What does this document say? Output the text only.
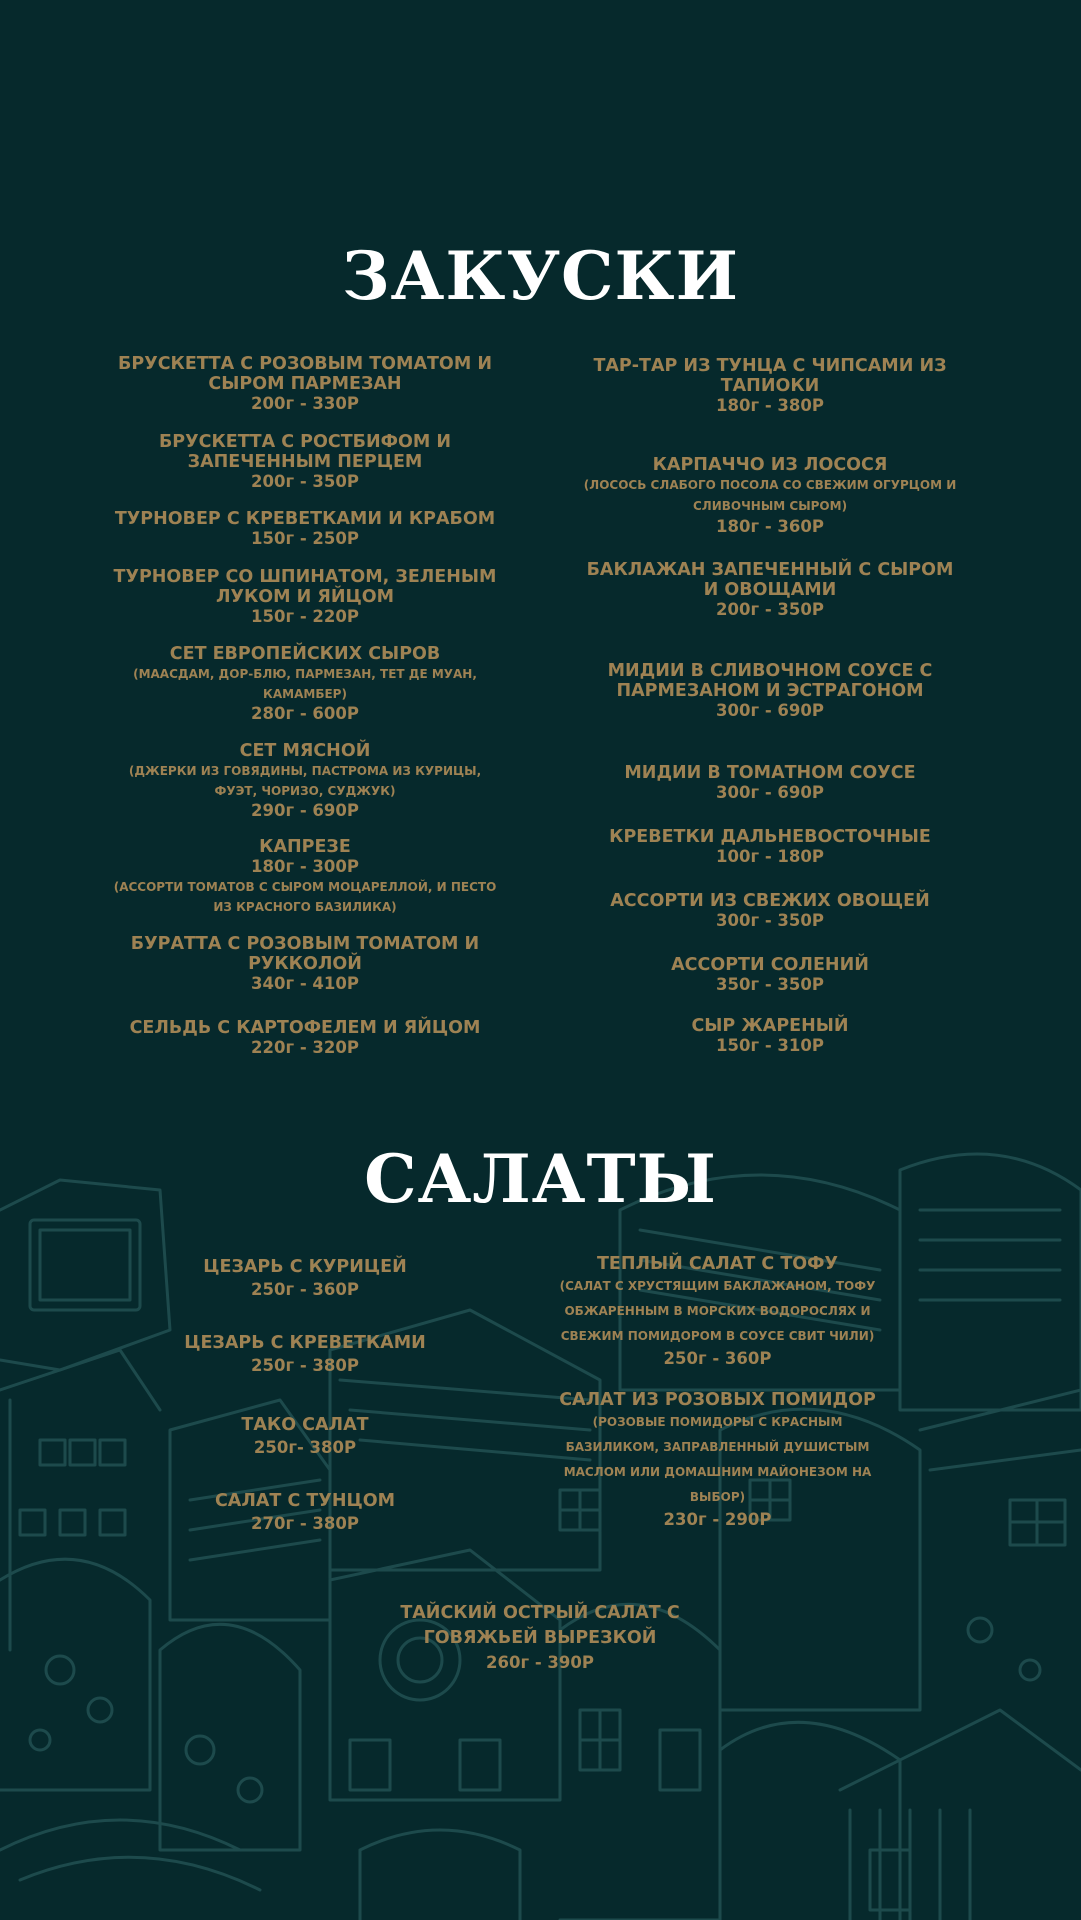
ЗАКУСКИ
БРУСКЕТТА С РОЗОВЫМ ТОМАТОМ И СЫРОМ ПАРМЕЗАН
200г - 330Р
БРУСКЕТТА С РОСТБИФОМ И ЗАПЕЧЕННЫМ ПЕРЦЕМ
200г - 350Р
ТУРНОВЕР С КРЕВЕТКАМИ И КРАБОМ
150г - 250Р
ТУРНОВЕР СО ШПИНАТОМ, ЗЕЛЕНЫМ ЛУКОМ И ЯЙЦОМ
150г - 220Р
СЕТ ЕВРОПЕЙСКИХ СЫРОВ
(МААСДАМ, ДОР-БЛЮ, ПАРМЕЗАН, ТЕТ ДЕ МУАН, КАМАМБЕР)
280г - 600Р
СЕТ МЯСНОЙ
(ДЖЕРКИ ИЗ ГОВЯДИНЫ, ПАСТРОМА ИЗ КУРИЦЫ, ФУЭТ, ЧОРИЗО, СУДЖУК)
290г - 690Р
КАПРЕЗЕ
180г - 300Р
(АССОРТИ ТОМАТОВ С СЫРОМ МОЦАРЕЛЛОЙ, И ПЕСТО ИЗ КРАСНОГО БАЗИЛИКА)
БУРАТТА С РОЗОВЫМ ТОМАТОМ И РУККОЛОЙ
340г - 410Р
СЕЛЬДЬ С КАРТОФЕЛЕМ И ЯЙЦОМ
220г - 320Р
ТАР-ТАР ИЗ ТУНЦА С ЧИПСАМИ ИЗ ТАПИОКИ
180г - 380Р
КАРПАЧЧО ИЗ ЛОСОСЯ
(ЛОСОСЬ СЛАБОГО ПОСОЛА СО СВЕЖИМ ОГУРЦОМ И СЛИВОЧНЫМ СЫРОМ)
180г - 360Р
БАКЛАЖАН ЗАПЕЧЕННЫЙ С СЫРОМ И ОВОЩАМИ
200г - 350Р
МИДИИ В СЛИВОЧНОМ СОУСЕ С ПАРМЕЗАНОМ И ЭСТРАГОНОМ
300г - 690Р
МИДИИ В ТОМАТНОМ СОУСЕ
300г - 690Р
КРЕВЕТКИ ДАЛЬНЕВОСТОЧНЫЕ
100г - 180Р
АССОРТИ ИЗ СВЕЖИХ ОВОЩЕЙ
300г - 350Р
АССОРТИ СОЛЕНИЙ
350г - 350Р
СЫР ЖАРЕНЫЙ
150г - 310Р
САЛАТЫ
ЦЕЗАРЬ С КУРИЦЕЙ
250г - 360Р
ЦЕЗАРЬ С КРЕВЕТКАМИ
250г - 380Р
ТАКО САЛАТ
250г- 380Р
САЛАТ С ТУНЦОМ
270г - 380Р
ТЕПЛЫЙ САЛАТ С ТОФУ
(САЛАТ С ХРУСТЯЩИМ БАКЛАЖАНОМ, ТОФУ ОБЖАРЕННЫМ В МОРСКИХ ВОДОРОСЛЯХ И СВЕЖИМ ПОМИДОРОМ В СОУСЕ СВИТ ЧИЛИ)
250г - 360Р
САЛАТ ИЗ РОЗОВЫХ ПОМИДОР
(РОЗОВЫЕ ПОМИДОРЫ С КРАСНЫМ БАЗИЛИКОМ, ЗАПРАВЛЕННЫЙ ДУШИСТЫМ МАСЛОМ ИЛИ ДОМАШНИМ МАЙОНЕЗОМ НА ВЫБОР)
230г - 290Р
ТАЙСКИЙ ОСТРЫЙ САЛАТ С ГОВЯЖЬЕЙ ВЫРЕЗКОЙ
260г - 390Р
